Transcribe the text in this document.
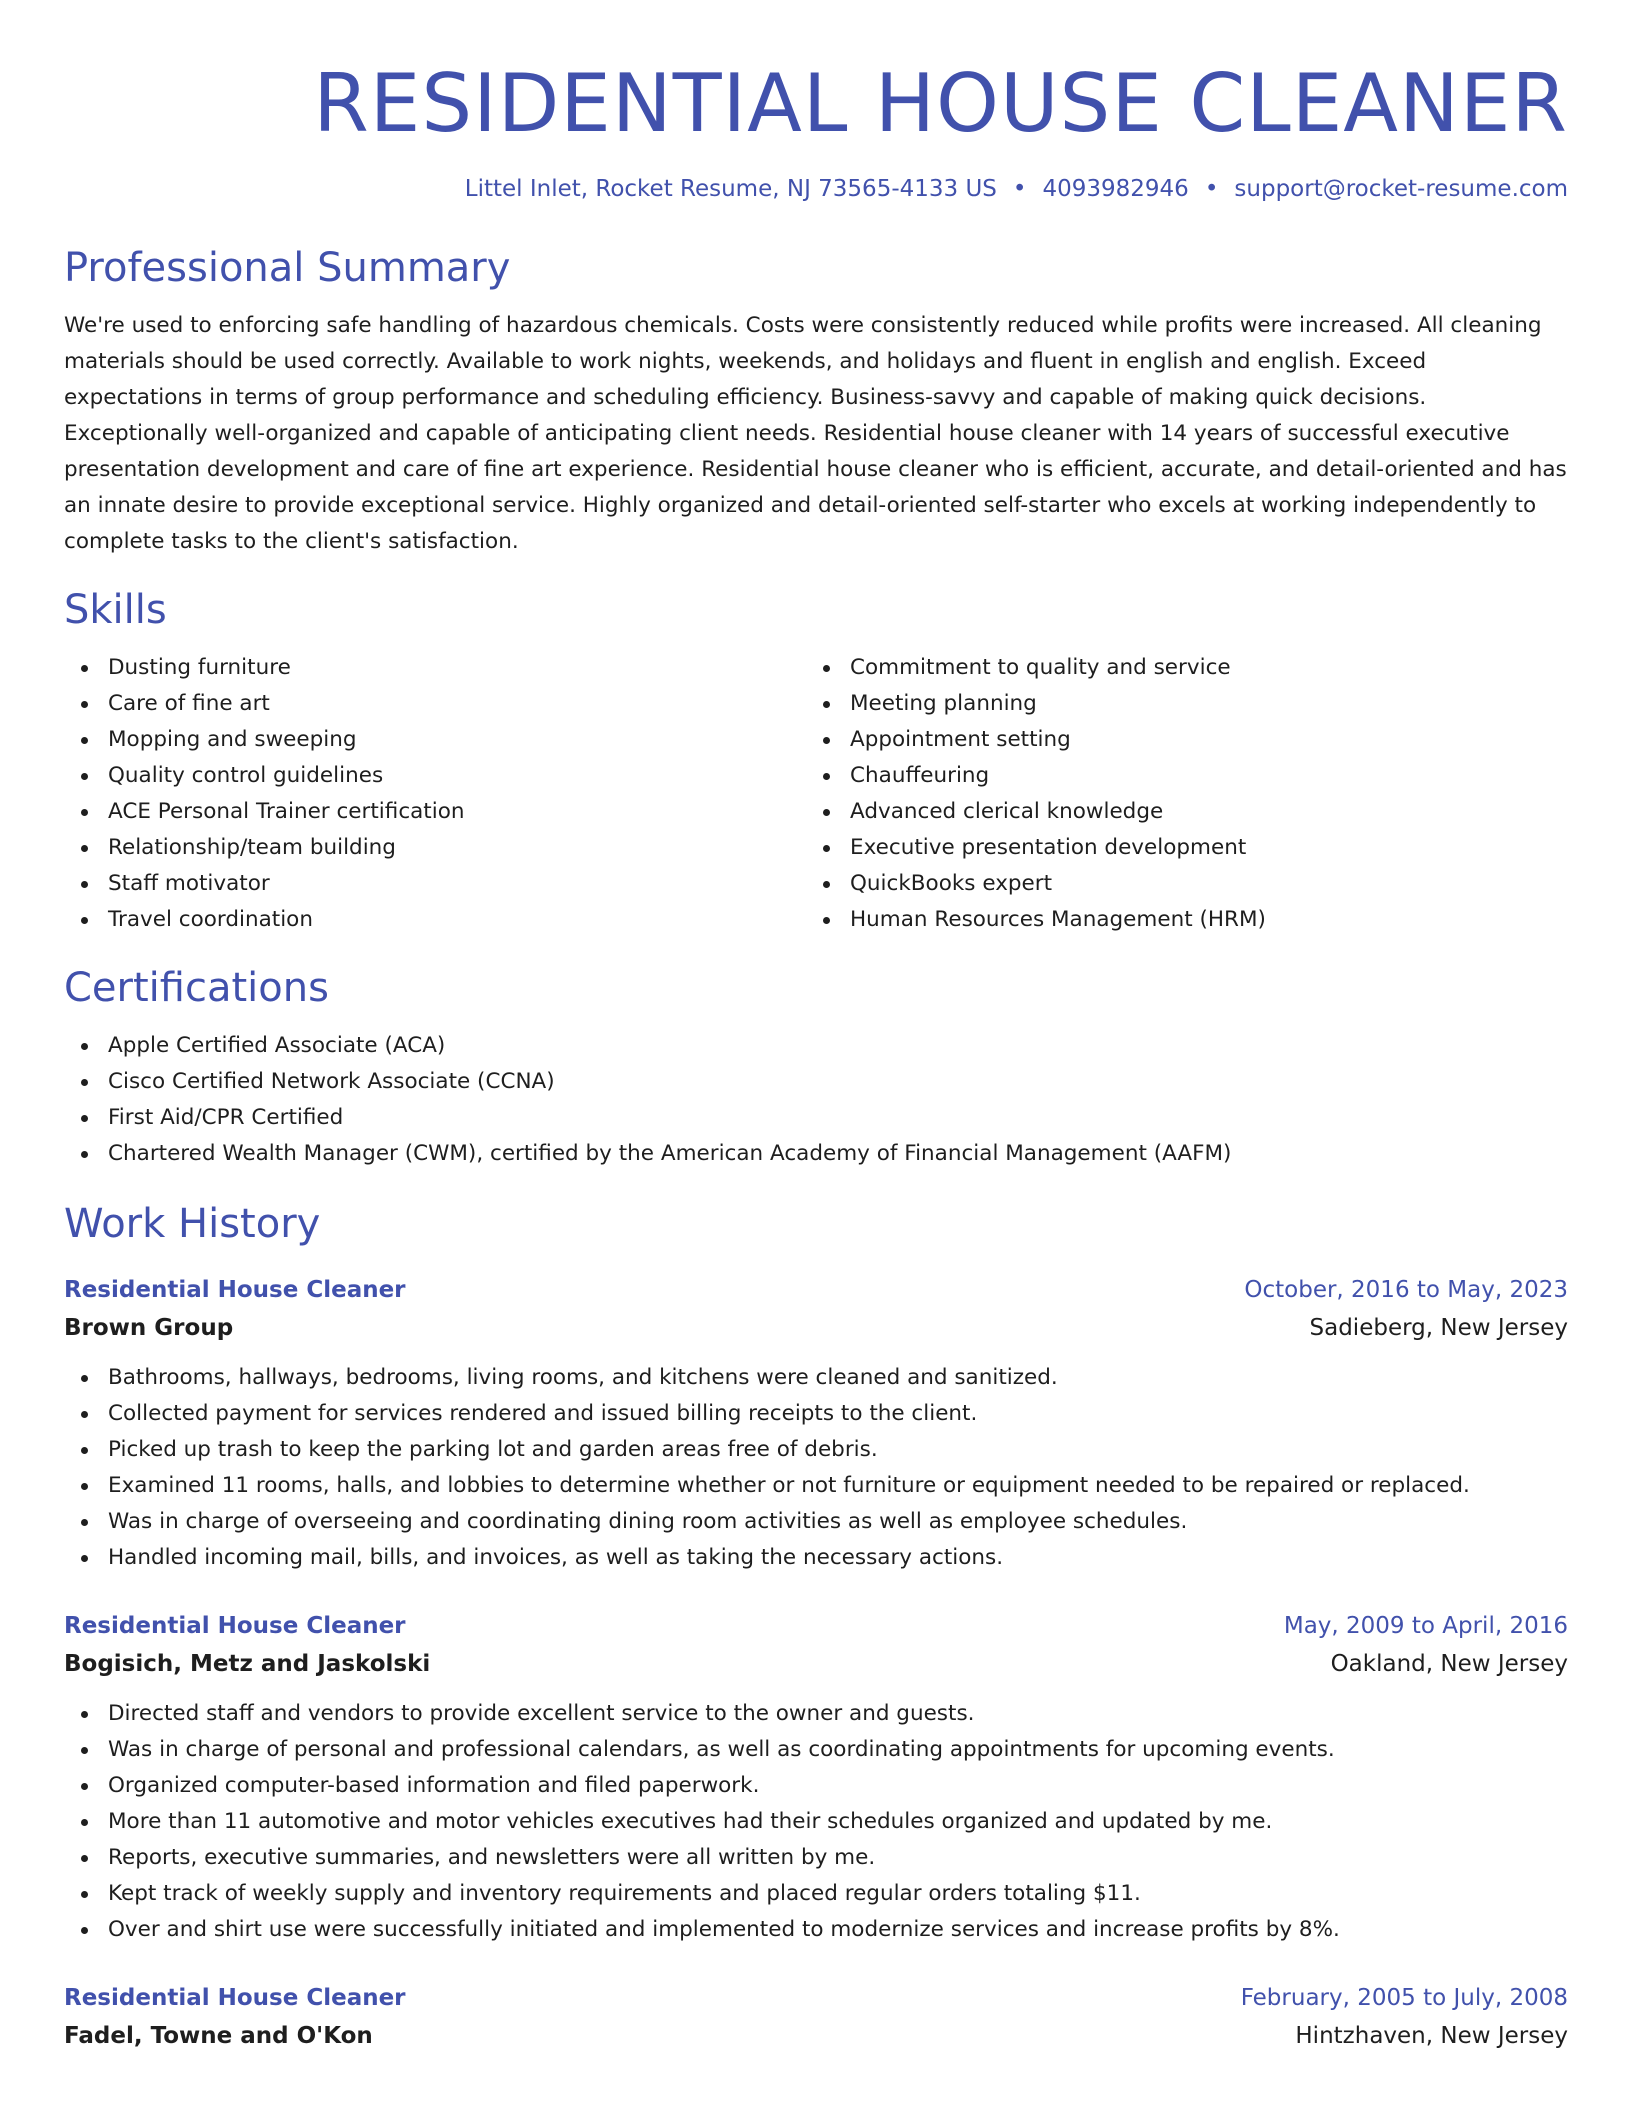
RESIDENTIAL HOUSE CLEANER
Littel Inlet, Rocket Resume, NJ 73565-4133 US • 4093982946 • support@rocket-resume.com
Professional Summary

We're used to enforcing safe handling of hazardous chemicals. Costs were consistently reduced while profits were increased. All cleaning materials should be used correctly. Available to work nights, weekends, and holidays and fluent in english and english. Exceed expectations in terms of group performance and scheduling efficiency. Business-savvy and capable of making quick decisions. Exceptionally well-organized and capable of anticipating client needs. Residential house cleaner with 14 years of successful executive presentation development and care of fine art experience. Residential house cleaner who is efficient, accurate, and detail-oriented and has an innate desire to provide exceptional service. Highly organized and detail-oriented self-starter who excels at working independently to complete tasks to the client's satisfaction.

Skills
Dusting furniture
Care of fine art
Mopping and sweeping
Quality control guidelines
ACE Personal Trainer certification
Relationship/team building
Staff motivator
Travel coordination
Commitment to quality and service
Meeting planning
Appointment setting
Chauffeuring
Advanced clerical knowledge
Executive presentation development
QuickBooks expert
Human Resources Management (HRM)
Certifications
Apple Certified Associate (ACA)
Cisco Certified Network Associate (CCNA)
First Aid/CPR Certified
Chartered Wealth Manager (CWM), certified by the American Academy of Financial Management (AAFM)
Work History
Residential House Cleaner	October, 2016 to May, 2023
Brown Group	Sadieberg, New Jersey
Bathrooms, hallways, bedrooms, living rooms, and kitchens were cleaned and sanitized.
Collected payment for services rendered and issued billing receipts to the client.
Picked up trash to keep the parking lot and garden areas free of debris.
Examined 11 rooms, halls, and lobbies to determine whether or not furniture or equipment needed to be repaired or replaced.
Was in charge of overseeing and coordinating dining room activities as well as employee schedules.
Handled incoming mail, bills, and invoices, as well as taking the necessary actions.
Residential House Cleaner	May, 2009 to April, 2016
Bogisich, Metz and Jaskolski	Oakland, New Jersey
Directed staff and vendors to provide excellent service to the owner and guests.
Was in charge of personal and professional calendars, as well as coordinating appointments for upcoming events.
Organized computer-based information and filed paperwork.
More than 11 automotive and motor vehicles executives had their schedules organized and updated by me.
Reports, executive summaries, and newsletters were all written by me.
Kept track of weekly supply and inventory requirements and placed regular orders totaling $11.
Over and shirt use were successfully initiated and implemented to modernize services and increase profits by 8%.
Residential House Cleaner	February, 2005 to July, 2008
Fadel, Towne and O'Kon	Hintzhaven, New Jersey
